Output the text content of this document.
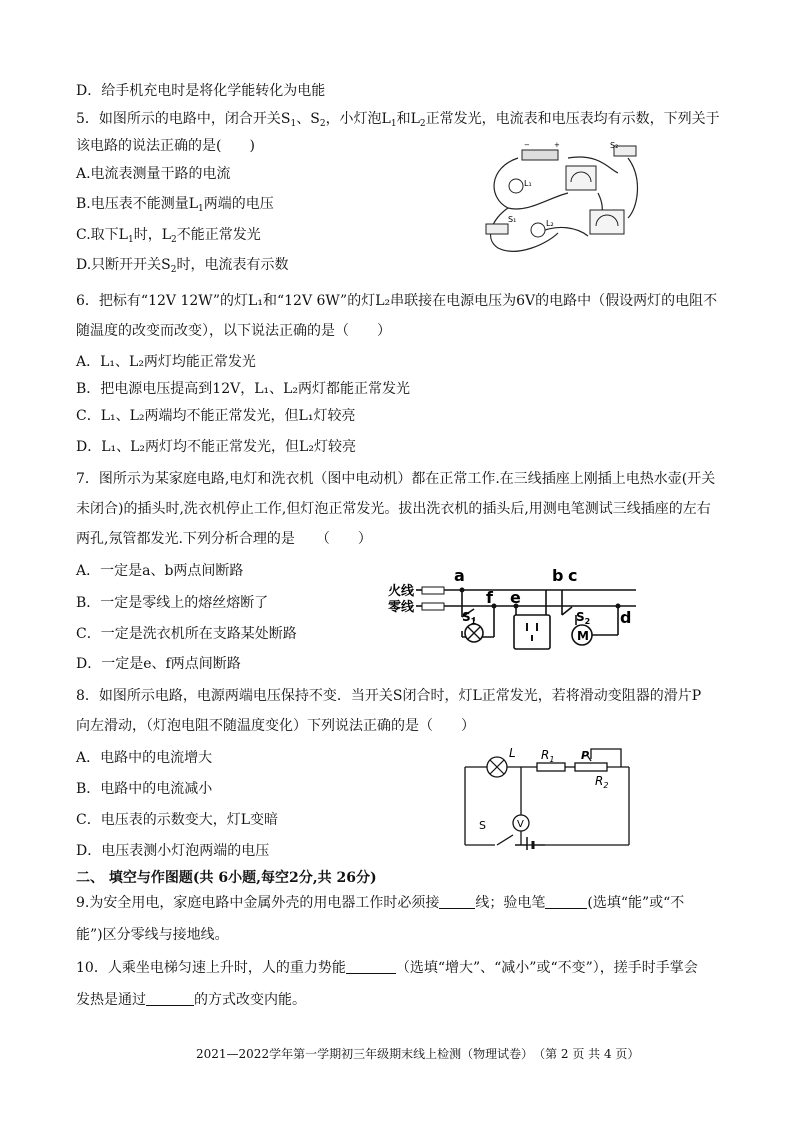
D．给手机充电时是将化学能转化为电能
5．如图所示的电路中，闭合开关$S_1$、$S_2$，小灯泡$L_1$和$L_2$正常发光，电流表和电压表均有示数，下列关于
该电路的说法正确的是(　　)
A.电流表测量干路的电流
B.电压表不能测量$L_1$两端的电压
C.取下$L_1$时，$L_2$不能正常发光
D.只断开开关$S_2$时，电流表有示数
−	+	S₂
L₁
S₁	L₂
6．把标有“12V 12W”的灯L₁和“12V 6W”的灯L₂串联接在电源电压为6V的电路中（假设两灯的电阻不
随温度的改变而改变），以下说法正确的是（　　）
A．L₁、L₂两灯均能正常发光
B．把电源电压提高到12V，L₁、L₂两灯都能正常发光
C．L₁、L₂两端均不能正常发光，但L₁灯较亮
D．L₁、L₂两灯均不能正常发光，但L₂灯较亮
7．图所示为某家庭电路,电灯和洗衣机（图中电动机）都在正常工作.在三线插座上刚插上电热水壶(开关
未闭合)的插头时,洗衣机停止工作,但灯泡正常发光。拔出洗衣机的插头后,用测电笔测试三线插座的左右
两孔,氖管都发光.下列分析合理的是　　（　　）
A．一定是a、b两点间断路
B．一定是零线上的熔丝熔断了
C．一定是洗衣机所在支路某处断路
D．一定是e、f两点间断路
火线
零线
M
a	b c
d
e
f
$S_1$	$S_2$
8．如图所示电路，电源两端电压保持不变．当开关S闭合时，灯L正常发光，若将滑动变阻器的滑片P
向左滑动，（灯泡电阻不随温度变化）下列说法正确的是（　　）
A．电路中的电流增大
B．电路中的电流减小
C．电压表的示数变大，灯L变暗
D．电压表测小灯泡两端的电压
V
L $R_1$
$R_2$
P
S
二、 填空与作图题(共 6小题,每空2分,共 26分)
9.为安全用电，家庭电路中金属外壳的用电器工作时必须接	线；验电笔	(选填“能”或“不
能”)区分零线与接地线。
10．人乘坐电梯匀速上升时，人的重力势能	（选填“增大”、“减小”或“不变”），搓手时手掌会
发热是通过	的方式改变内能。
2021—2022学年第一学期初三年级期末线上检测（物理试卷）　（第 2 页 共 4 页）
